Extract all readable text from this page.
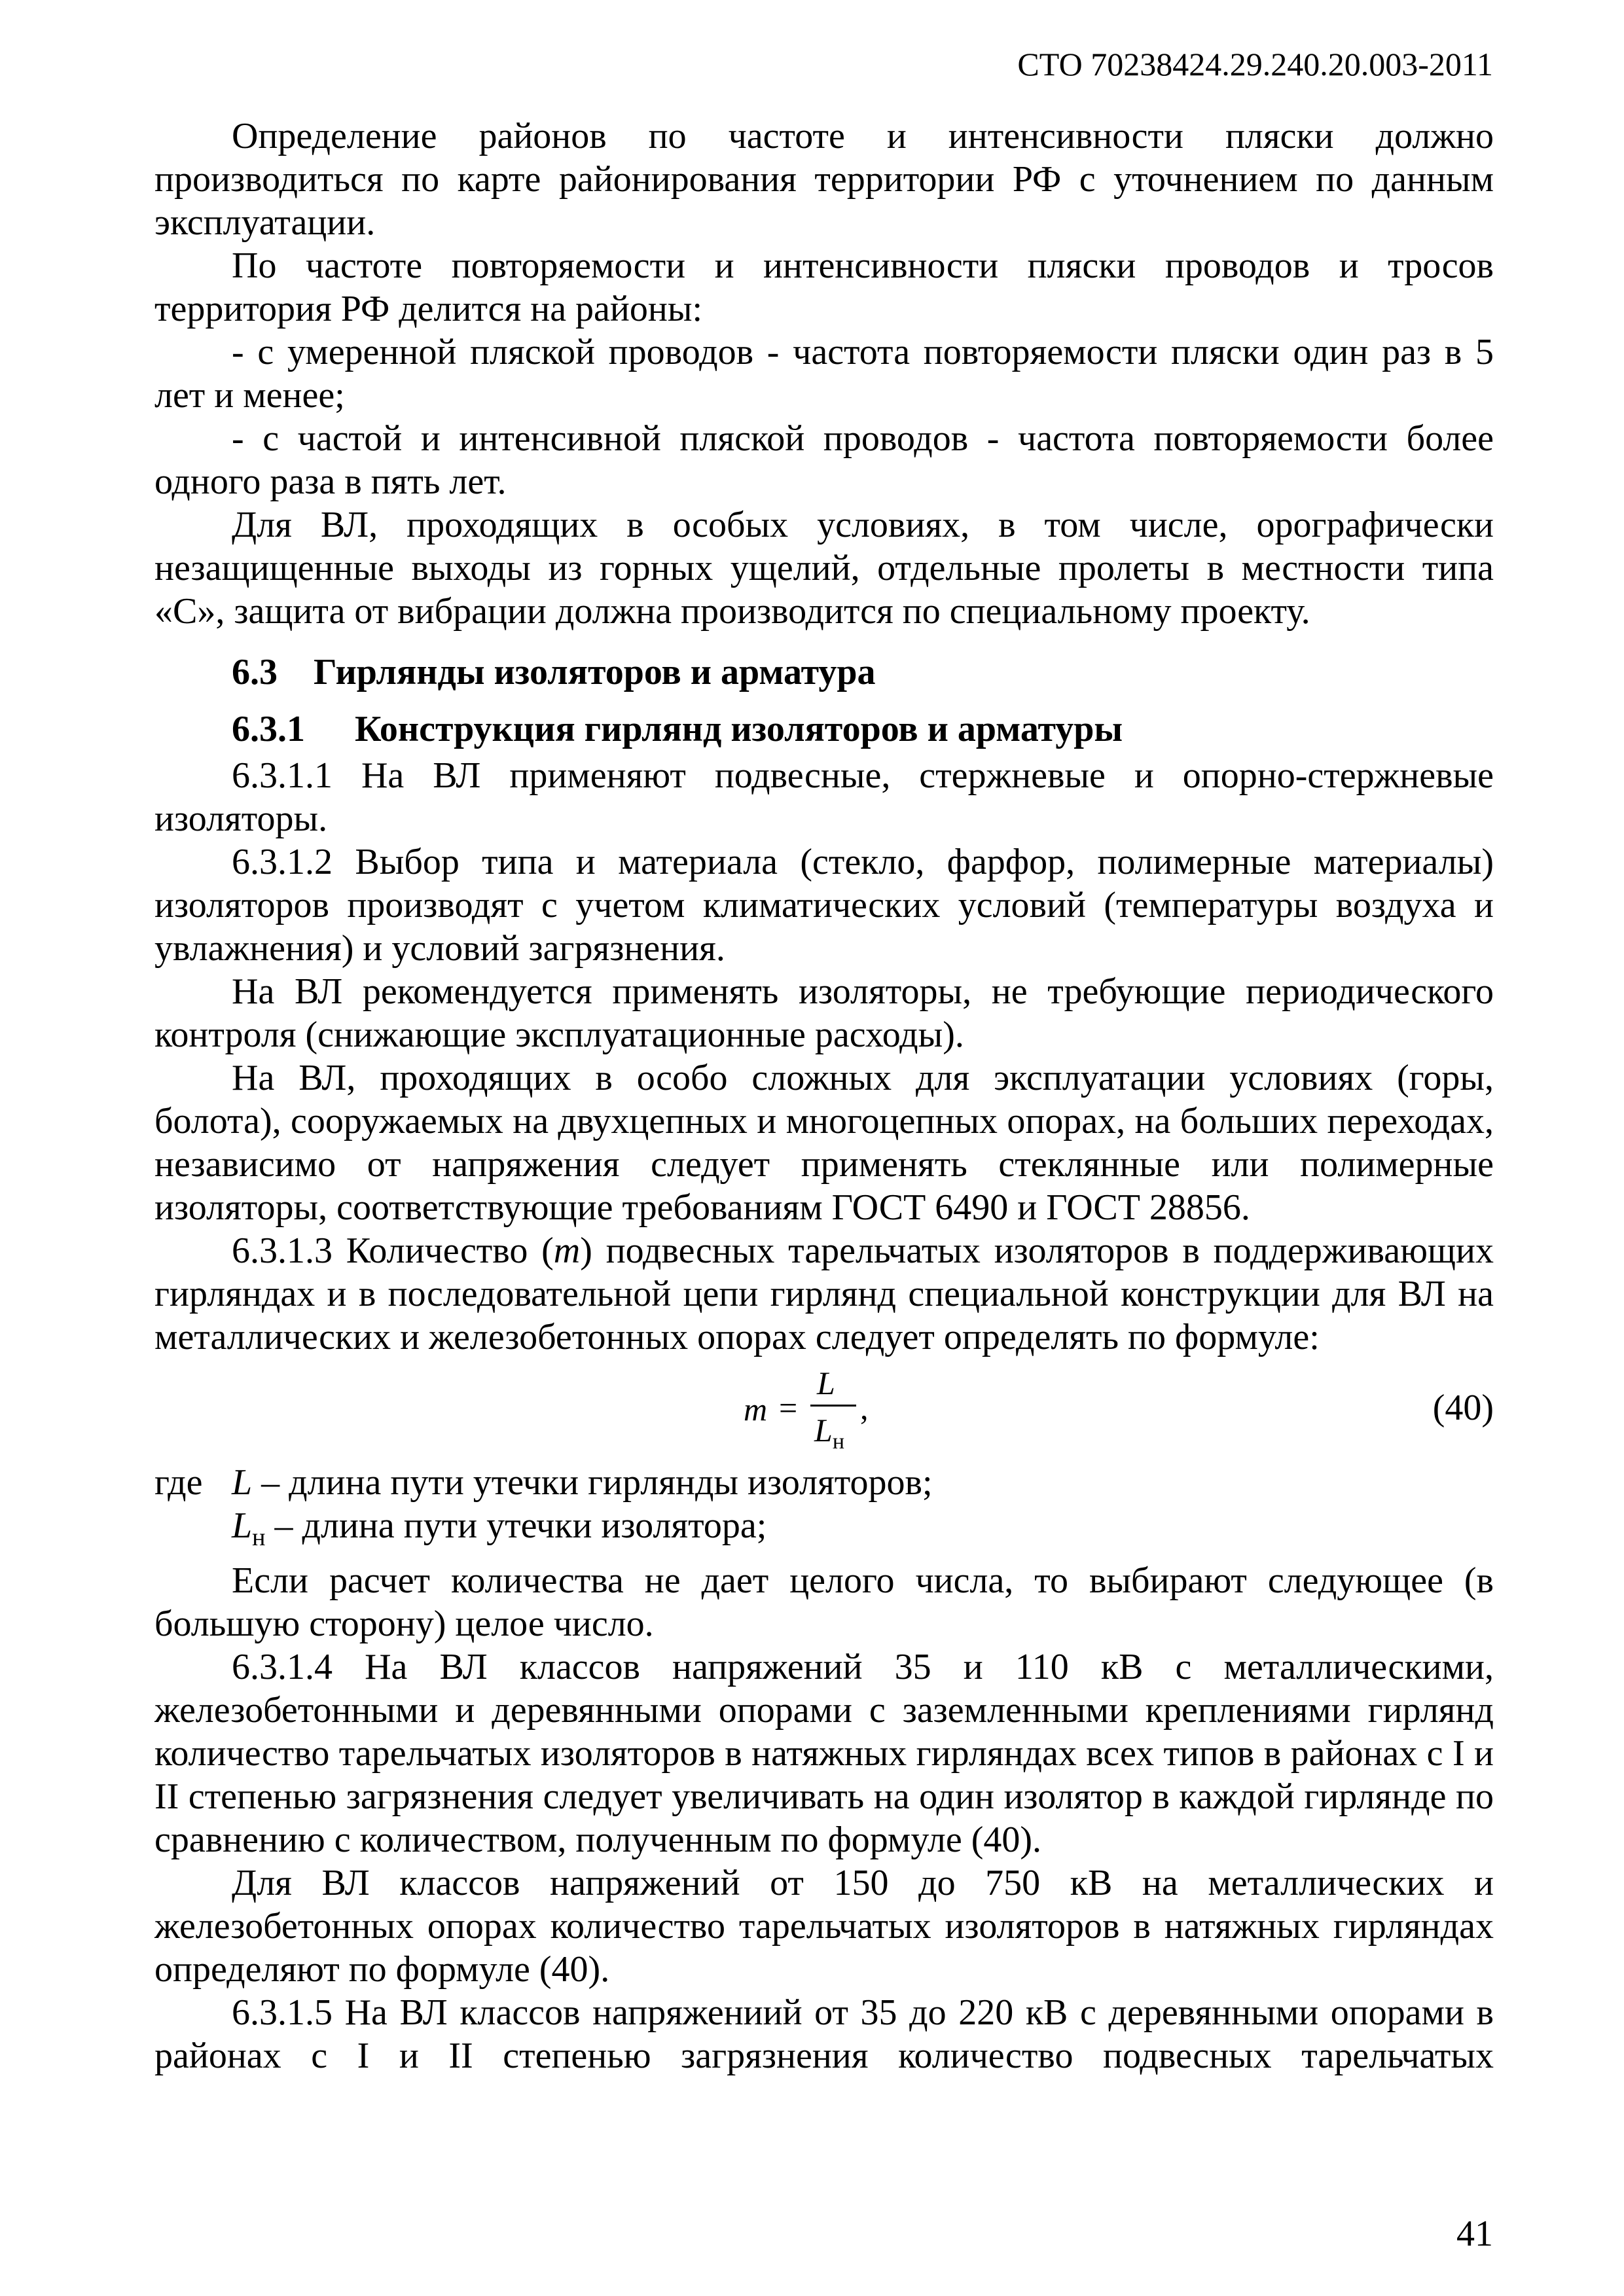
СТО 70238424.29.240.20.003-2011

Определение районов по частоте и интенсивности пляски должно производиться по карте районирования территории РФ с уточнением по данным эксплуатации.

По частоте повторяемости и интенсивности пляски проводов и тросов территория РФ делится на районы:

- с умеренной пляской проводов - частота повторяемости пляски один раз в 5 лет и менее;

- с частой и интенсивной пляской проводов - частота повторяемости более одного раза в пять лет.

Для ВЛ, проходящих в особых условиях, в том числе, орографически незащищенные выходы из горных ущелий, отдельные пролеты в местности типа «С», защита от вибрации должна производится по специальному проекту.

6.3 Гирлянды изоляторов и арматура

6.3.1 Конструкция гирлянд изоляторов и арматуры

6.3.1.1 На ВЛ применяют подвесные, стержневые и опорно-стержневые изоляторы.

6.3.1.2 Выбор типа и материала (стекло, фарфор, полимерные материалы) изоляторов производят с учетом климатических условий (температуры воздуха и увлажнения) и условий загрязнения.

На ВЛ рекомендуется применять изоляторы, не требующие периодического контроля (снижающие эксплуатационные расходы).

На ВЛ, проходящих в особо сложных для эксплуатации условиях (горы, болота), сооружаемых на двухцепных и многоцепных опорах, на больших переходах, независимо от напряжения следует применять стеклянные или полимерные изоляторы, соответствующие требованиям ГОСТ 6490 и ГОСТ 28856.

6.3.1.3 Количество (m) подвесных тарельчатых изоляторов в поддерживающих гирляндах и в последовательной цепи гирлянд специальной конструкции для ВЛ на металлических и железобетонных опорах следует определять по формуле:

m =
L
$L_н$
,	(40)

где L – длина пути утечки гирлянды изоляторов;

$L_н$ – длина пути утечки изолятора;

Если расчет количества не дает целого числа, то выбирают следующее (в большую сторону) целое число.

6.3.1.4 На ВЛ классов напряжений 35 и 110 кВ с металлическими, железобетонными и деревянными опорами с заземленными креплениями гирлянд количество тарельчатых изоляторов в натяжных гирляндах всех типов в районах с I и II степенью загрязнения следует увеличивать на один изолятор в каждой гирлянде по сравнению с количеством, полученным по формуле (40).

Для ВЛ классов напряжений от 150 до 750 кВ на металлических и железобетонных опорах количество тарельчатых изоляторов в натяжных гирляндах определяют по формуле (40).

6.3.1.5 На ВЛ классов напряжениий от 35 до 220 кВ с деревянными опорами в районах с I и II степенью загрязнения количество подвесных тарельчатых

41
